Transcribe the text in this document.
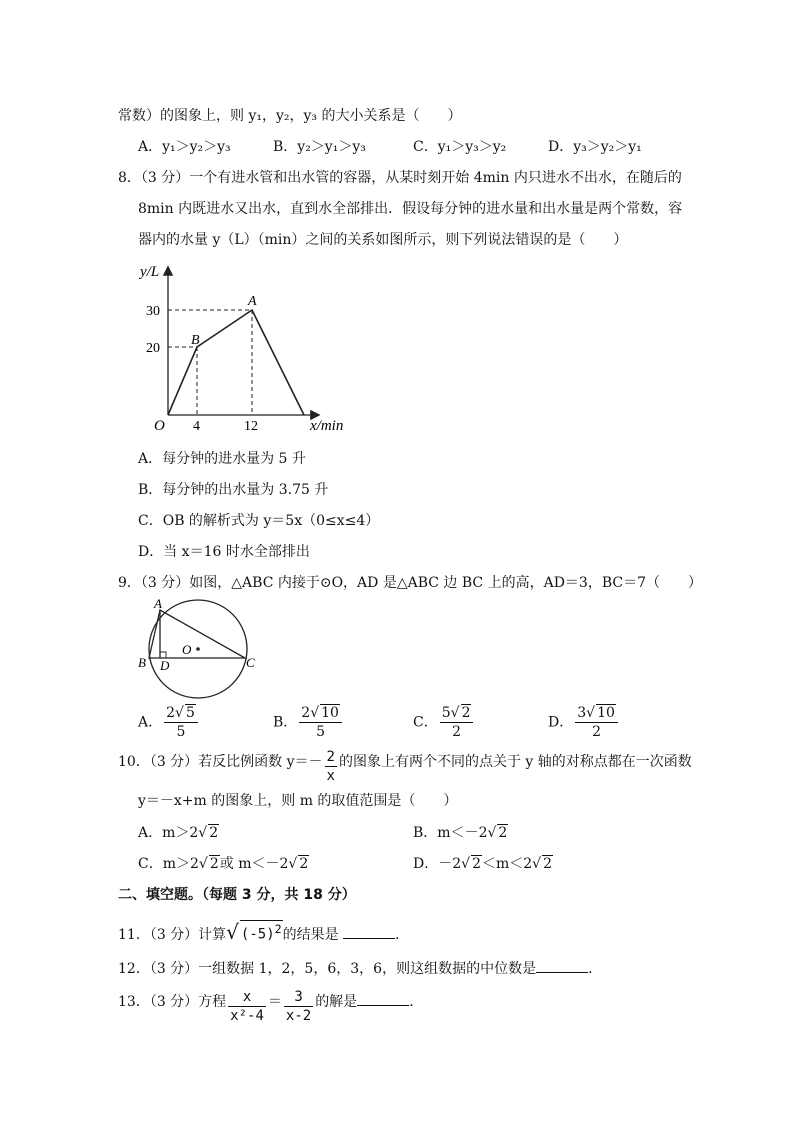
常数）的图象上，则 y₁，y₂，y₃ 的大小关系是（　　）
A．y₁＞y₂＞y₃	B．y₂＞y₁＞y₃	C．y₁＞y₃＞y₂	D．y₃＞y₂＞y₁
8．（3 分）一个有进水管和出水管的容器，从某时刻开始 4min 内只进水不出水，在随后的
8min 内既进水又出水，直到水全部排出．假设每分钟的进水量和出水量是两个常数，容
器内的水量 y（L）（min）之间的关系如图所示，则下列说法错误的是（　　）
y/L
x/min
O
A
B
30
20
4	12
A．每分钟的进水量为 5 升
B．每分钟的出水量为 3.75 升
C．OB 的解析式为 y＝5x（0≤x≤4）
D．当 x＝16 时水全部排出
9．（3 分）如图，△ABC 内接于⊙O，AD 是△ABC 边 BC 上的高，AD＝3，BC＝7（　　）
A
B	C
D
O
A． $\frac{2√ 5}{5}$	B． $\frac{2√ 10}{5}$	C． $\frac{5√ 2}{2}$	D． $\frac{3√ 10}{2}$
10．（3 分）若反比例函数 $y=- \frac{2}{x}$ 的图象上有两个不同的点关于 y 轴的对称点都在一次函数
y＝－x+m 的图象上，则 m 的取值范围是（　　）
A．m＞2√ 2	B．m＜－2√ 2
C．m＞2√ 2或 m＜－2√ 2	D．－2√ 2＜m＜2√ 2
二、填空题。（每题 3 分，共 18 分）
11．（3 分）计算√ $(-5)^2$的结果是	．
12．（3 分）一组数据 1，2，5，6，3，6，则这组数据的中位数是	．
13．（3 分）方程 $\frac{x}{\text{x²-4}} = \frac{3}{x-2}$ 的解是	．
